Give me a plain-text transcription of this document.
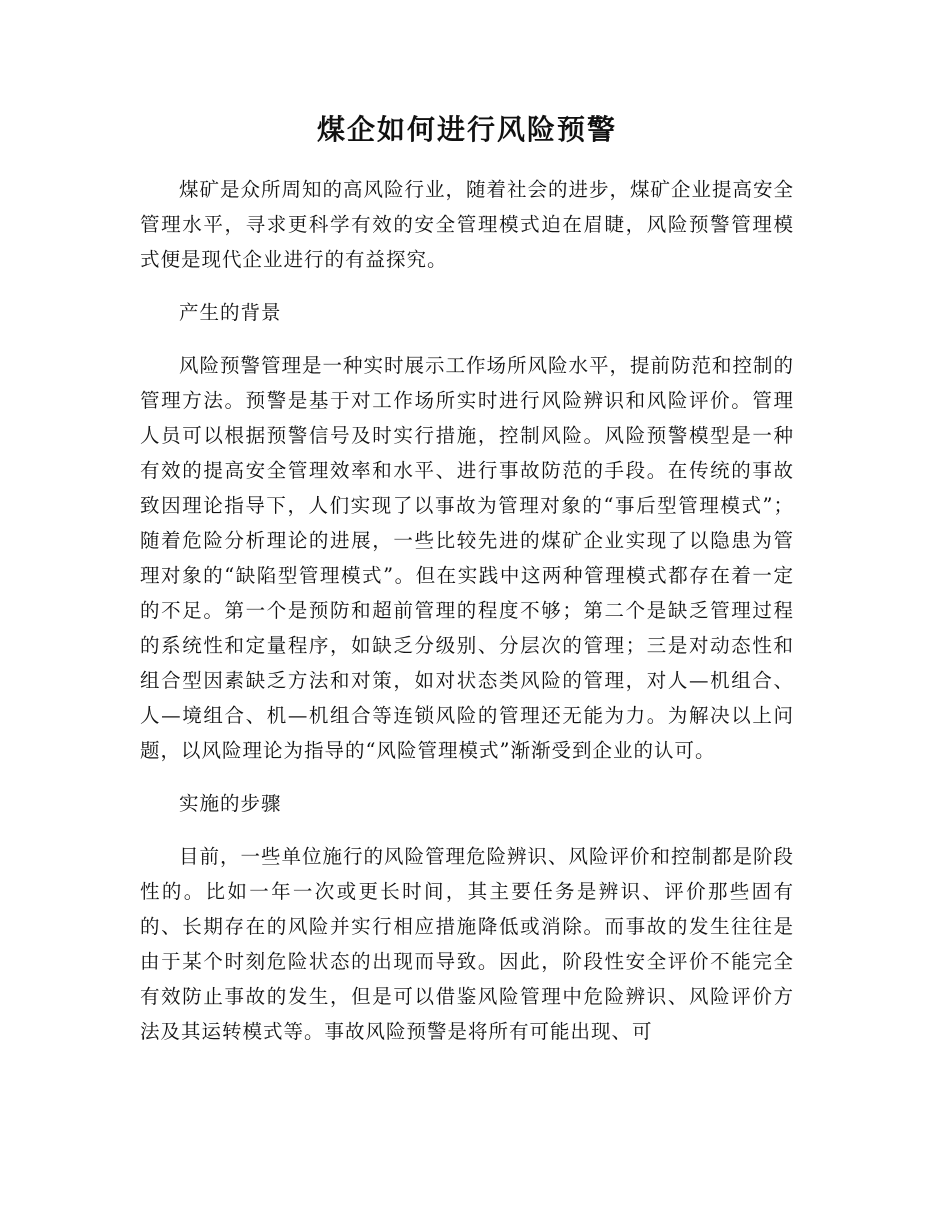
煤企如何进行风险预警

煤矿是众所周知的高风险行业，随着社会的进步，煤矿企业提高安全管理水平，寻求更科学有效的安全管理模式迫在眉睫，风险预警管理模式便是现代企业进行的有益探究。

产生的背景

风险预警管理是一种实时展示工作场所风险水平，提前防范和控制的管理方法。预警是基于对工作场所实时进行风险辨识和风险评价。管理人员可以根据预警信号及时实行措施，控制风险。风险预警模型是一种有效的提高安全管理效率和水平、进行事故防范的手段。在传统的事故致因理论指导下，人们实现了以事故为管理对象的“事后型管理模式”；随着危险分析理论的进展，一些比较先进的煤矿企业实现了以隐患为管理对象的“缺陷型管理模式”。但在实践中这两种管理模式都存在着一定的不足。第一个是预防和超前管理的程度不够；第二个是缺乏管理过程的系统性和定量程序，如缺乏分级别、分层次的管理；三是对动态性和组合型因素缺乏方法和对策，如对状态类风险的管理，对人—机组合、人—境组合、机—机组合等连锁风险的管理还无能为力。为解决以上问题，以风险理论为指导的“风险管理模式”渐渐受到企业的认可。

实施的步骤

目前，一些单位施行的风险管理危险辨识、风险评价和控制都是阶段性的。比如一年一次或更长时间，其主要任务是辨识、评价那些固有的、长期存在的风险并实行相应措施降低或消除。而事故的发生往往是由于某个时刻危险状态的出现而导致。因此，阶段性安全评价不能完全有效防止事故的发生，但是可以借鉴风险管理中危险辨识、风险评价方法及其运转模式等。事故风险预警是将所有可能出现、可
